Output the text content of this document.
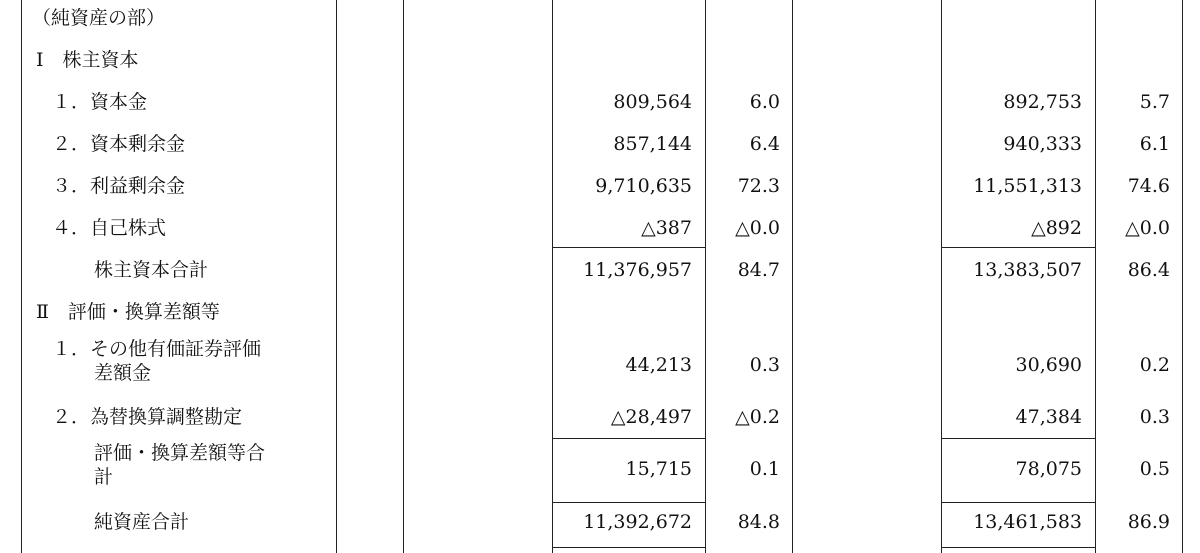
（純資産の部）
Ⅰ　株主資本
１．資本金	809,564	6.0	892,753	5.7
２．資本剰余金	857,144	6.4	940,333	6.1
３．利益剰余金	9,710,635	72.3	11,551,313	74.6
４．自己株式	△387	△0.0	△892	△0.0
株主資本合計	11,376,957	84.7	13,383,507	86.4
Ⅱ　評価・換算差額等
１．その他有価証券評価
差額金	44,213	0.3	30,690	0.2
２．為替換算調整勘定	△28,497	△0.2	47,384	0.3
評価・換算差額等合
計	15,715	0.1	78,075	0.5
純資産合計	11,392,672	84.8	13,461,583	86.9
